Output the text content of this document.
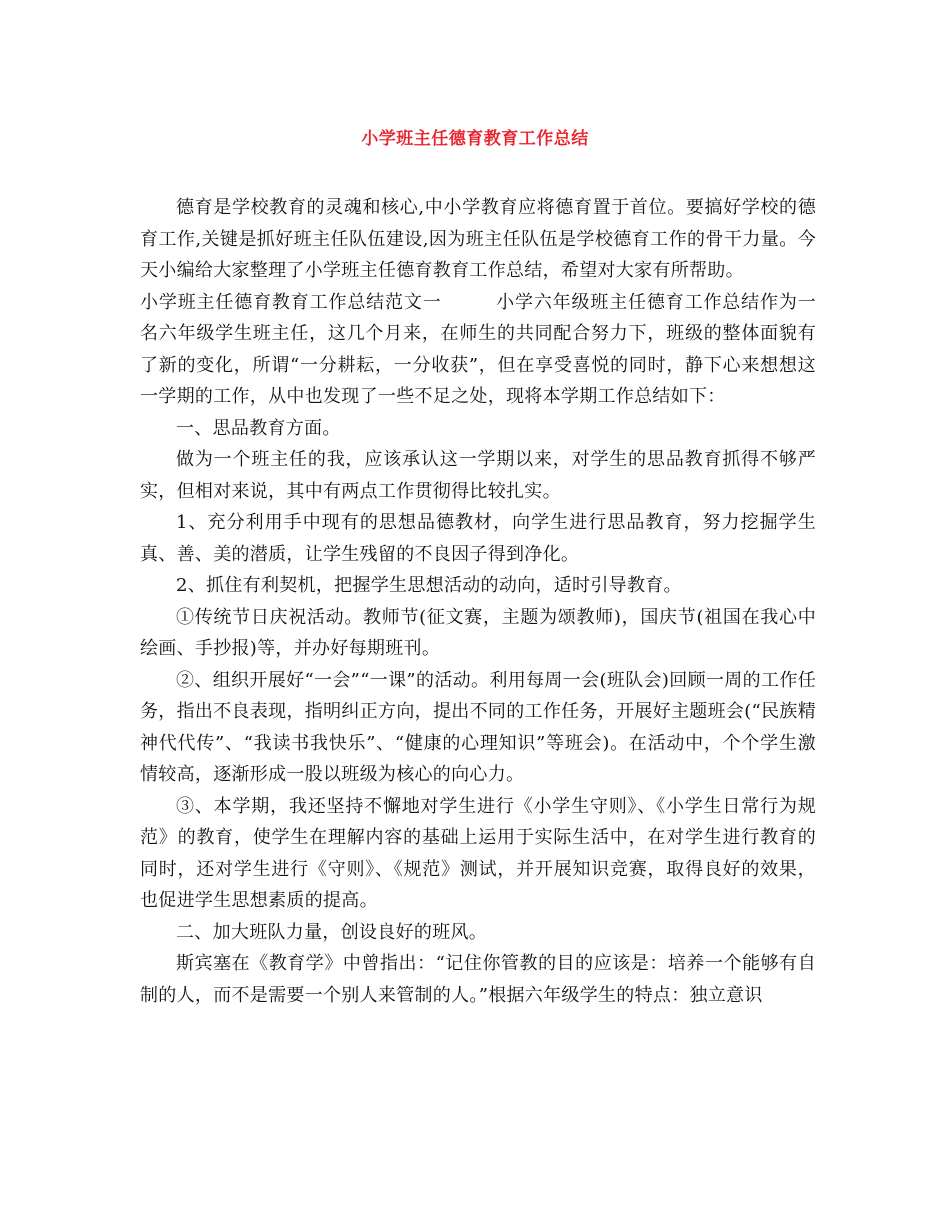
小学班主任德育教育工作总结

德育是学校教育的灵魂和核心,中小学教育应将德育置于首位。要搞好学校的德育工作,关键是抓好班主任队伍建设,因为班主任队伍是学校德育工作的骨干力量。今天小编给大家整理了小学班主任德育教育工作总结，希望对大家有所帮助。

小学班主任德育教育工作总结范文一	小学六年级班主任德育工作总结作为一名六年级学生班主任，这几个月来，在师生的共同配合努力下，班级的整体面貌有了新的变化，所谓“一分耕耘，一分收获”，但在享受喜悦的同时，静下心来想想这一学期的工作，从中也发现了一些不足之处，现将本学期工作总结如下：

一、思品教育方面。

做为一个班主任的我，应该承认这一学期以来，对学生的思品教育抓得不够严实，但相对来说，其中有两点工作贯彻得比较扎实。

1、充分利用手中现有的思想品德教材，向学生进行思品教育，努力挖掘学生真、善、美的潜质，让学生残留的不良因子得到净化。

2、抓住有利契机，把握学生思想活动的动向，适时引导教育。

①传统节日庆祝活动。教师节(征文赛，主题为颂教师)，国庆节(祖国在我心中绘画、手抄报)等，并办好每期班刊。

②、组织开展好“一会”“一课”的活动。利用每周一会(班队会)回顾一周的工作任务，指出不良表现，指明纠正方向，提出不同的工作任务，开展好主题班会(“民族精神代代传”、“我读书我快乐”、“健康的心理知识”等班会)。在活动中，个个学生激情较高，逐渐形成一股以班级为核心的向心力。

③、本学期，我还坚持不懈地对学生进行《小学生守则》、《小学生日常行为规范》的教育，使学生在理解内容的基础上运用于实际生活中，在对学生进行教育的同时，还对学生进行《守则》、《规范》测试，并开展知识竞赛，取得良好的效果，也促进学生思想素质的提高。

二、加大班队力量，创设良好的班风。

斯宾塞在《教育学》中曾指出：“记住你管教的目的应该是：培养一个能够有自制的人，而不是需要一个别人来管制的人。”根据六年级学生的特点：独立意识
